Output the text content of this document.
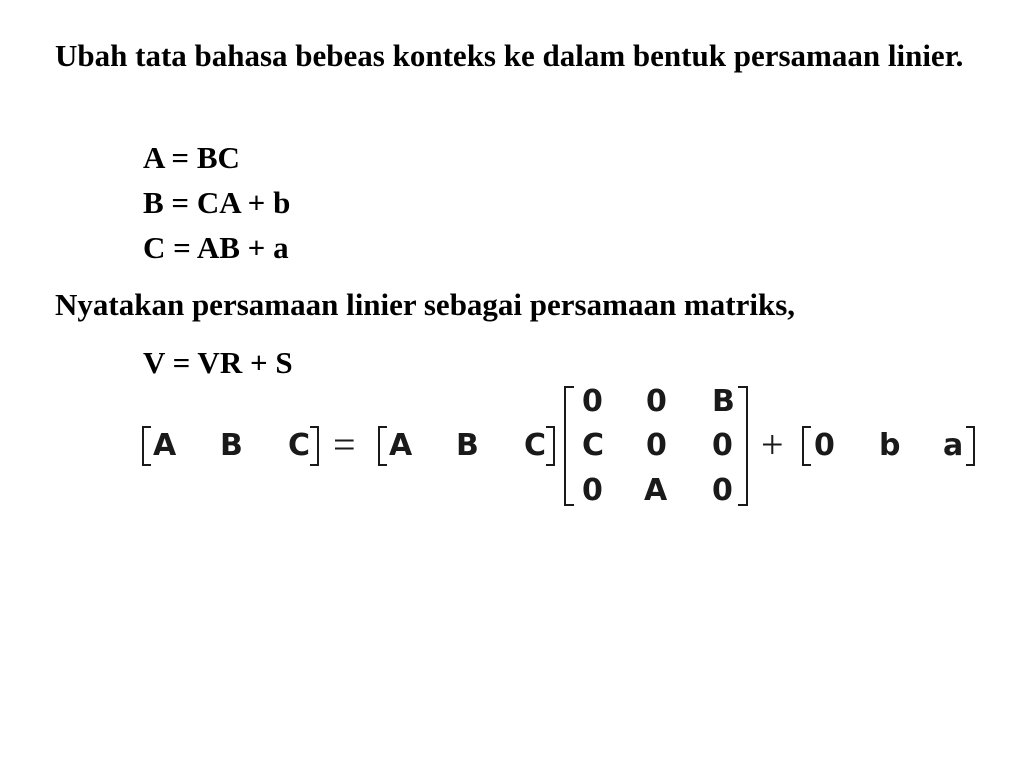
Ubah tata bahasa bebeas konteks ke dalam bentuk persamaan linier.

A = BC
B = CA + b
C = AB + a

Nyatakan persamaan linier sebagai persamaan matriks,

V = VR + S
A B C = A B C
0 0 B
C 0 0
0 A 0
+ 0 b a
